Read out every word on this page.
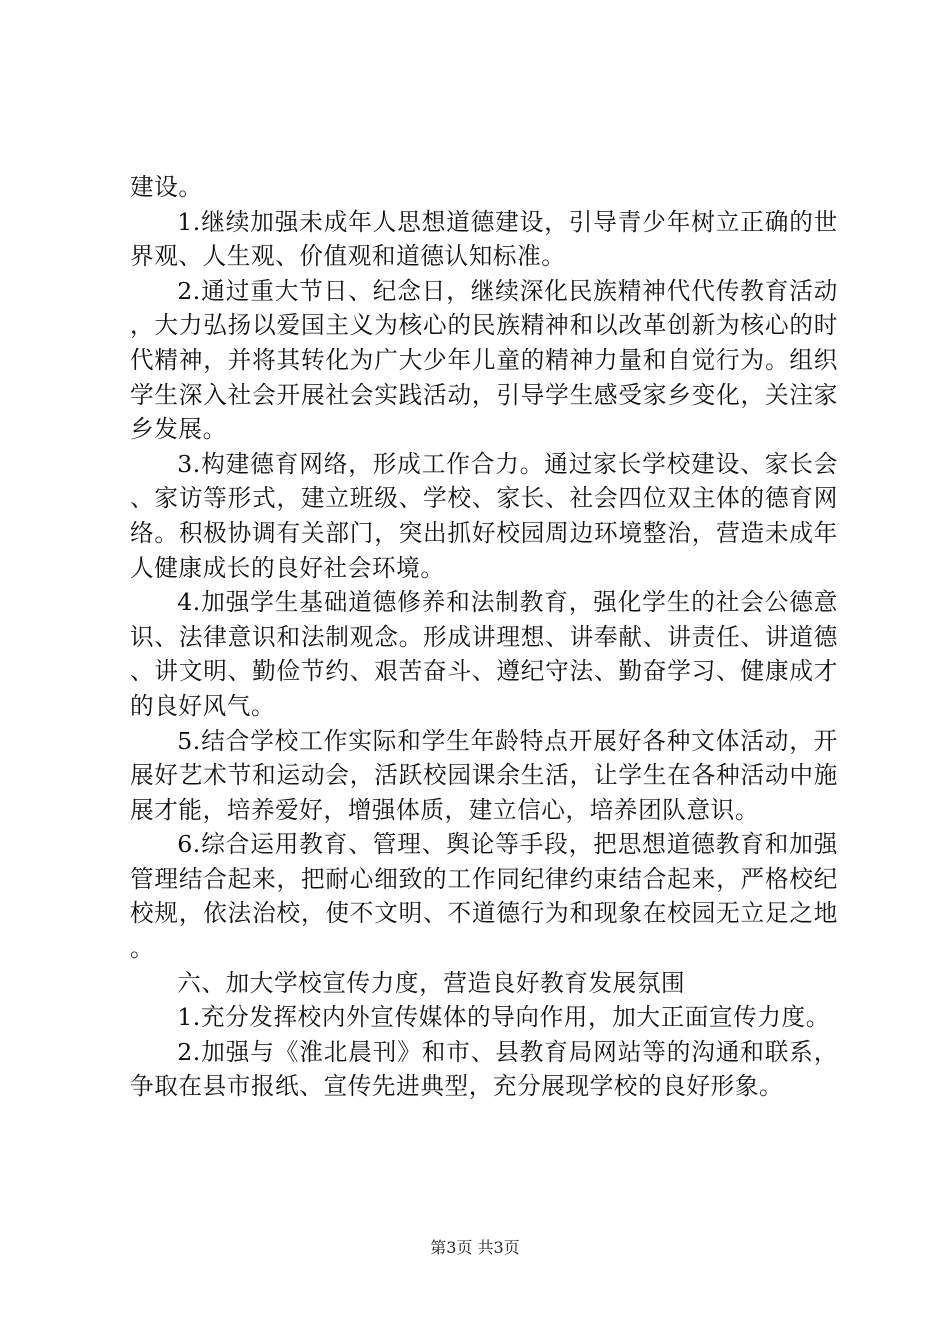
建设。

1.继续加强未成年人思想道德建设，引导青少年树立正确的世界观、人生观、价值观和道德认知标准。

2.通过重大节日、纪念日，继续深化民族精神代代传教育活动，大力弘扬以爱国主义为核心的民族精神和以改革创新为核心的时代精神，并将其转化为广大少年儿童的精神力量和自觉行为。组织学生深入社会开展社会实践活动，引导学生感受家乡变化，关注家乡发展。

3.构建德育网络，形成工作合力。通过家长学校建设、家长会、家访等形式，建立班级、学校、家长、社会四位双主体的德育网络。积极协调有关部门，突出抓好校园周边环境整治，营造未成年人健康成长的良好社会环境。

4.加强学生基础道德修养和法制教育，强化学生的社会公德意识、法律意识和法制观念。形成讲理想、讲奉献、讲责任、讲道德、讲文明、勤俭节约、艰苦奋斗、遵纪守法、勤奋学习、健康成才的良好风气。

5.结合学校工作实际和学生年龄特点开展好各种文体活动，开展好艺术节和运动会，活跃校园课余生活，让学生在各种活动中施展才能，培养爱好，增强体质，建立信心，培养团队意识。

6.综合运用教育、管理、舆论等手段，把思想道德教育和加强管理结合起来，把耐心细致的工作同纪律约束结合起来，严格校纪校规，依法治校，使不文明、不道德行为和现象在校园无立足之地。

六、加大学校宣传力度，营造良好教育发展氛围

1.充分发挥校内外宣传媒体的导向作用，加大正面宣传力度。

2.加强与《淮北晨刊》和市、县教育局网站等的沟通和联系，争取在县市报纸、宣传先进典型，充分展现学校的良好形象。

第3页 共3页
